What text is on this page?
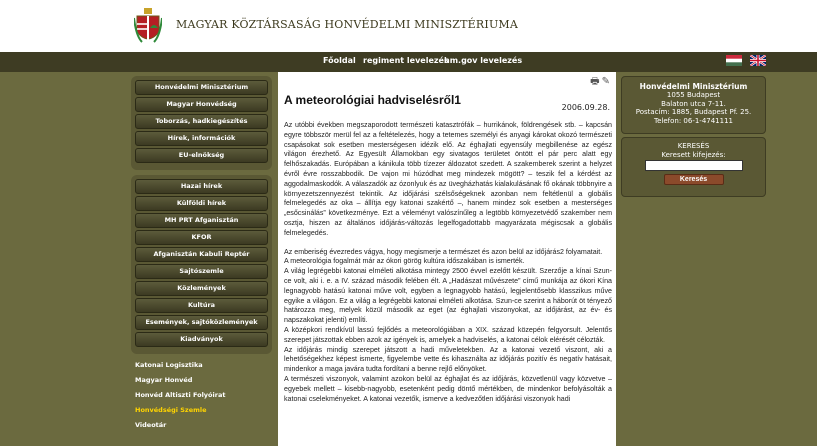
MAGYAR KÖZTÁRSASÁG HONVÉDELMI MINISZTÉRIUMA
Főoldal regiment levelezés
hm.gov levelezés
Honvédelmi Minisztérium
Magyar Honvédség
Toborzás, hadkiegészítés
Hírek, információk
EU-elnökség
Hazai hírek
Külföldi hírek
MH PRT Afganisztán
KFOR
Afganisztán Kabuli Reptér
Sajtószemle
Közlemények
Kultúra
Események, sajtóközlemények
Kiadványok
Katonai Logisztika
Magyar Honvéd
Honvéd Altiszti Folyóirat
Honvédségi Szemle
Videotár
🖶 ✎
A meteorológiai hadviselésről1
2006.09.28.

Az utóbbi években megszaporodott természeti katasztrófák – hurrikánok, földrengések stb. – kapcsán egyre többször merül fel az a feltételezés, hogy a tetemes személyi és anyagi károkat okozó természeti csapásokat sok esetben mesterségesen idézik elő. Az éghajlati egyensúly megbillenése az egész világon érezhető. Az Egyesült Államokban egy sivatagos területet öntött el pár perc alatt egy felhőszakadás. Európában a kánikula több tízezer áldozatot szedett. A szakemberek szerint a helyzet évről évre rosszabbodik. De vajon mi húzódhat meg mindezek mögött? – teszik fel a kérdést az aggodalmaskodók. A válaszadók az ózonlyuk és az üvegházhatás kialakulásának fő okának többnyire a környezetszennyezést tekintik. Az időjárási szélsőségeknek azonban nem feltétlenül a globális felmelegedés az oka – állítja egy katonai szakértő –, hanem mindez sok esetben a mesterséges „esőcsinálás” következménye. Ezt a véleményt valószínűleg a legtöbb környezetvédő szakember nem osztja, hiszen az általános időjárás-változás legelfogadottabb magyarázata mégiscsak a globális felmelegedés.

Az emberiség évezredes vágya, hogy megismerje a természet és azon belül az időjárás2 folyamatait.

A meteorológia fogalmát már az ókori görög kultúra időszakában is ismerték.

A világ legrégebbi katonai elméleti alkotása mintegy 2500 évvel ezelőtt készült. Szerzője a kínai Szun-ce volt, aki i. e. a IV. század második felében élt. A „Hadászat művészete” című munkája az ókori Kína legnagyobb hatású katonai műve volt, egyben a legnagyobb hatású, legjelentősebb klasszikus műve egyike a világon. Ez a világ a legrégebbi katonai elméleti alkotása. Szun-ce szerint a háborút öt tényező határozza meg, melyek közül második az eget (az éghajlati viszonyokat, az időjárást, az év- és napszakokat jelenti) említi.

A középkori rendkívül lassú fejlődés a meteorológiában a XIX. század közepén felgyorsult. Jelentős szerepet játszottak ebben azok az igények is, amelyek a hadviselés, a katonai célok elérését célozták.

Az időjárás mindig szerepet játszott a hadi műveletekben. Az a katonai vezető viszont, aki a lehetőségekhez képest ismerte, figyelembe vette és kihasználta az időjárás pozitív és negatív hatásait, mindenkor a maga javára tudta fordítani a benne rejlő előnyöket.

A természeti viszonyok, valamint azokon belül az éghajlat és az időjárás, közvetlenül vagy közvetve – egyebek mellett – kisebb-nagyobb, esetenként pedig döntő mértékben, de mindenkor befolyásolták a katonai cselekményeket. A katonai vezetők, ismerve a kedvezőtlen időjárási viszonyok hadi

Honvédelmi Minisztérium
1055 Budapest
Balaton utca 7-11.
Postacím: 1885, Budapest Pf. 25.
Telefon: 06-1-4741111
KERESÉS
Keresett kifejezés:
Keresés
